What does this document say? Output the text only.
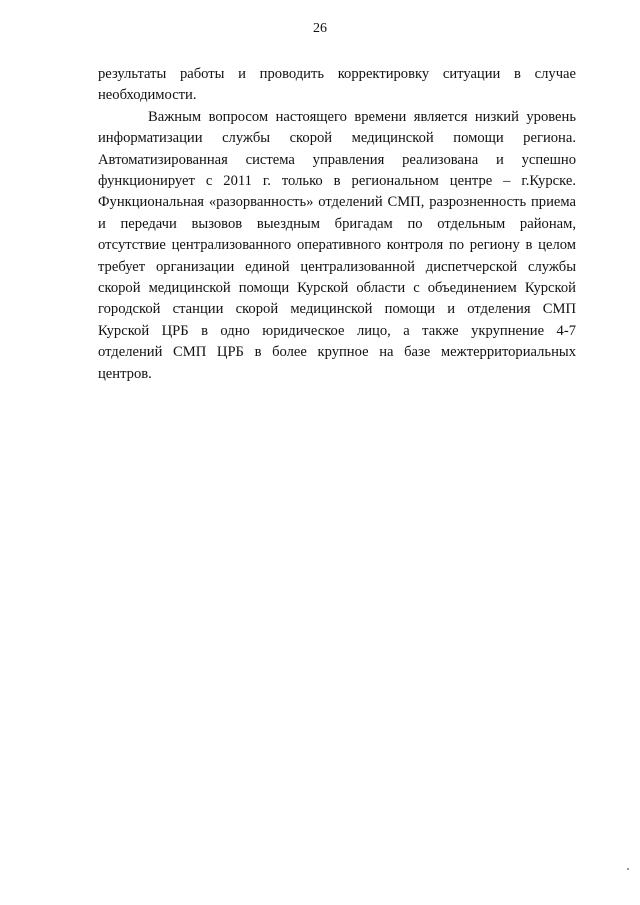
26
результаты работы и проводить корректировку ситуации в случае
необходимости.
Важным вопросом настоящего времени является низкий уровень
информатизации службы скорой медицинской помощи региона.
Автоматизированная система управления реализована и успешно
функционирует с 2011 г. только в региональном центре – г.Курске.
Функциональная «разорванность» отделений СМП, разрозненность приема
и передачи вызовов выездным бригадам по отдельным районам,
отсутствие централизованного оперативного контроля по региону в целом
требует организации единой централизованной диспетчерской службы
скорой медицинской помощи Курской области с объединением Курской
городской станции скорой медицинской помощи и отделения СМП
Курской ЦРБ в одно юридическое лицо, а также укрупнение 4-7
отделений СМП ЦРБ в более крупное на базе межтерриториальных
центров.
